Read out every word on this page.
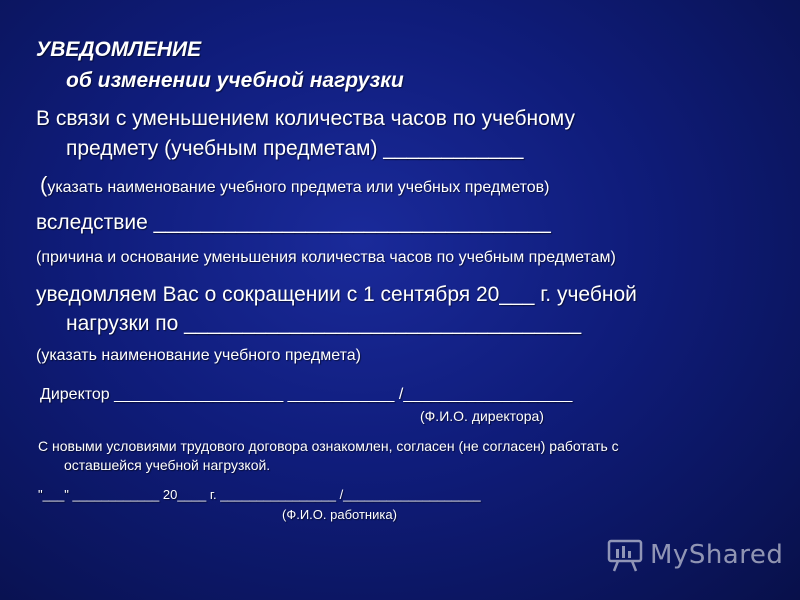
УВЕДОМЛЕНИЕ
об изменении учебной нагрузки
В связи с уменьшением количества часов по учебному
предмету (учебным предметам) ____________
(указать наименование учебного предмета или учебных предметов)
вследствие __________________________________
(причина и основание уменьшения количества часов по учебным предметам)
уведомляем Вас о сокращении с 1 сентября 20___ г. учебной
нагрузки по __________________________________
(указать наименование учебного предмета)
Директор ___________________ ____________ /___________________
(Ф.И.О. директора)
С новыми условиями трудового договора ознакомлен, согласен (не согласен) работать с
оставшейся учебной нагрузкой.
"___" ____________ 20____ г. ________________ /___________________
(Ф.И.О. работника)
MyShared
